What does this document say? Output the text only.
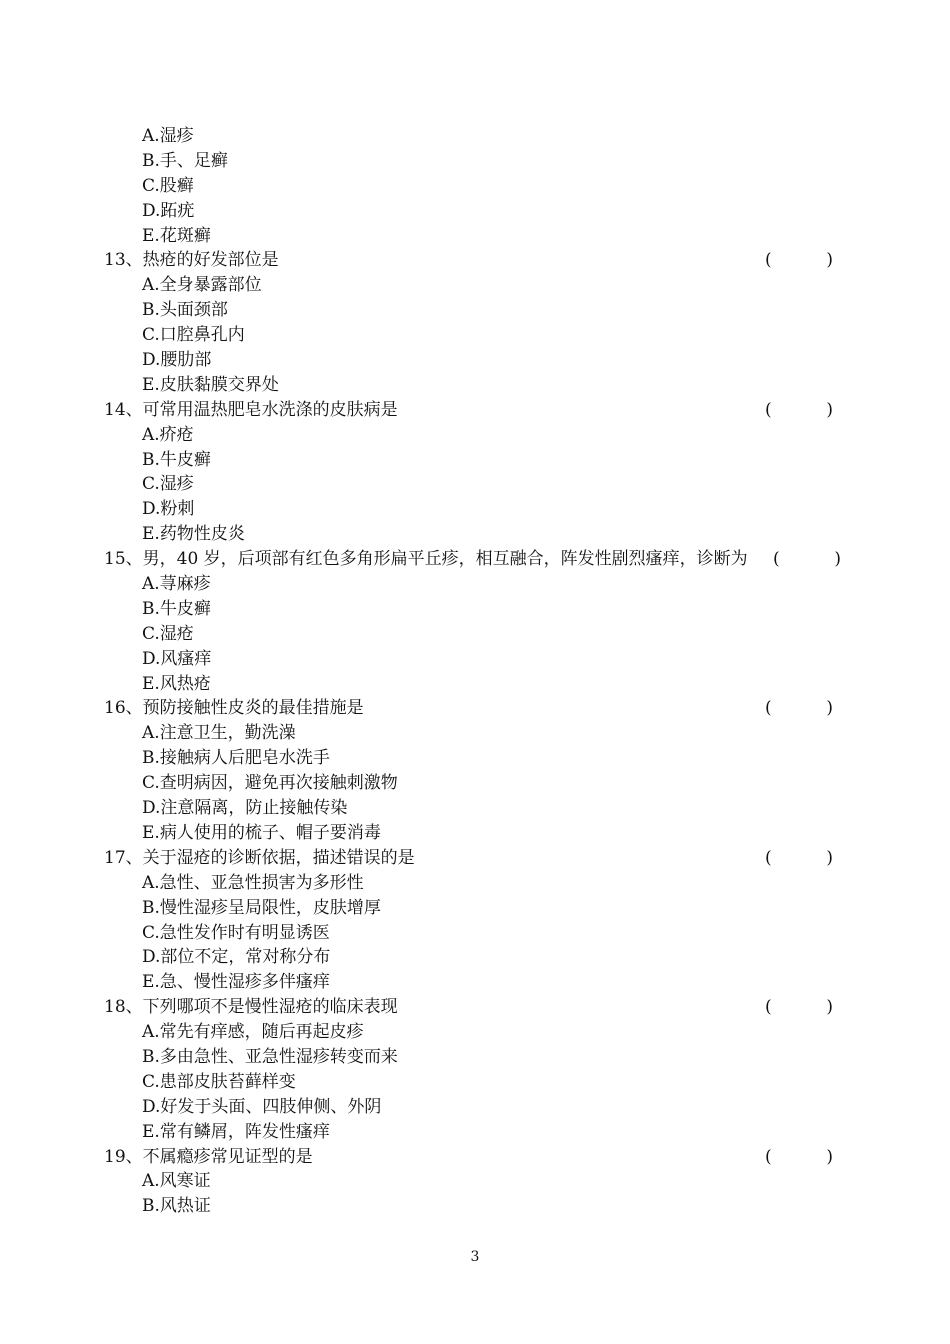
A.湿疹
B.手、足癣
C.股癣
D.跖疣
E.花斑癣
13、热疮的好发部位是	(	)
A.全身暴露部位
B.头面颈部
C.口腔鼻孔内
D.腰肋部
E.皮肤黏膜交界处
14、可常用温热肥皂水洗涤的皮肤病是	(	)
A.疥疮
B.牛皮癣
C.湿疹
D.粉刺
E.药物性皮炎
15、男，40 岁，后项部有红色多角形扁平丘疹，相互融合，阵发性剧烈瘙痒，诊断为 (	)
A.荨麻疹
B.牛皮癣
C.湿疮
D.风瘙痒
E.风热疮
16、预防接触性皮炎的最佳措施是	(	)
A.注意卫生，勤洗澡
B.接触病人后肥皂水洗手
C.查明病因，避免再次接触刺激物
D.注意隔离，防止接触传染
E.病人使用的梳子、帽子要消毒
17、关于湿疮的诊断依据，描述错误的是	(	)
A.急性、亚急性损害为多形性
B.慢性湿疹呈局限性，皮肤增厚
C.急性发作时有明显诱医
D.部位不定，常对称分布
E.急、慢性湿疹多伴瘙痒
18、下列哪项不是慢性湿疮的临床表现	(	)
A.常先有痒感，随后再起皮疹
B.多由急性、亚急性湿疹转变而来
C.患部皮肤苔藓样变
D.好发于头面、四肢伸侧、外阴
E.常有鳞屑，阵发性瘙痒
19、不属瘾疹常见证型的是	(	)
A.风寒证
B.风热证
3
